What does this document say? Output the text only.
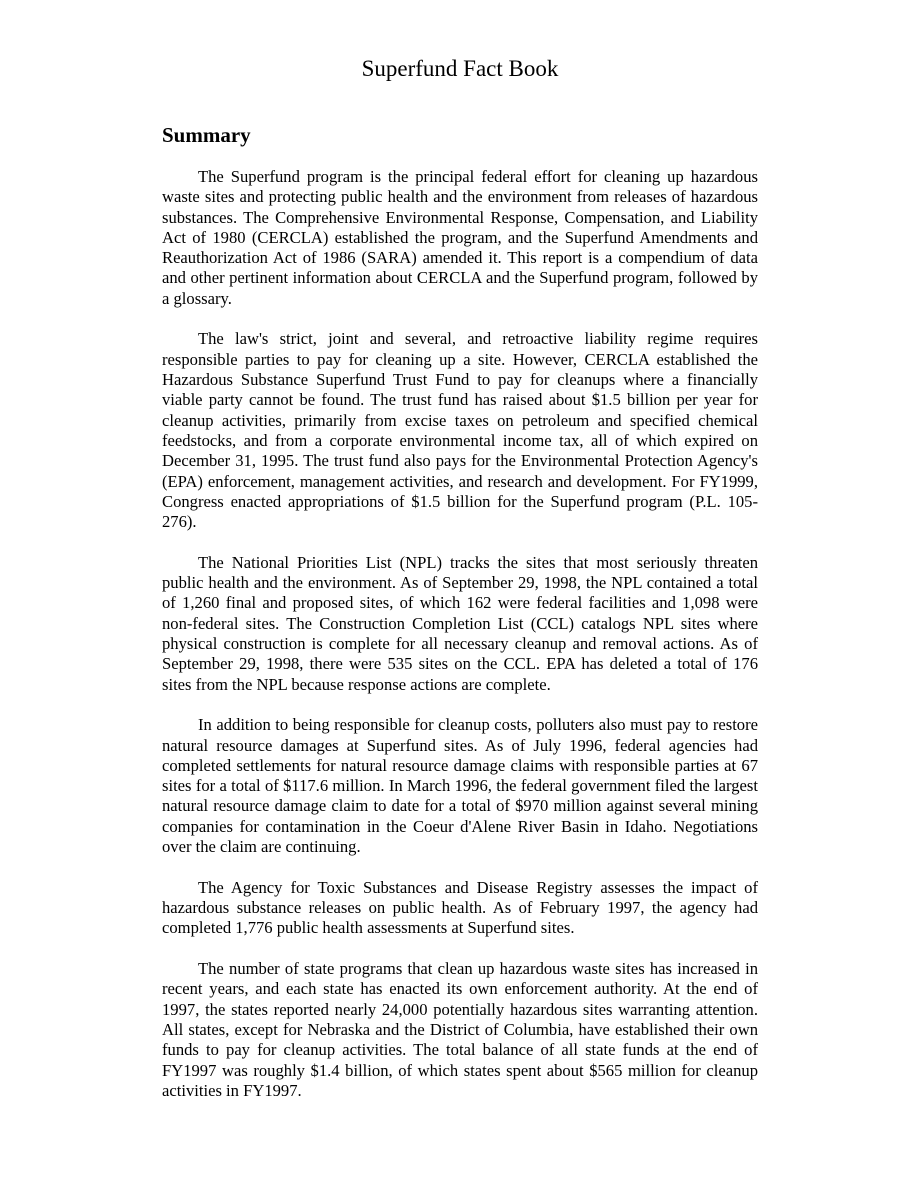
Superfund Fact Book
Summary

The Superfund program is the principal federal effort for cleaning up hazardous waste sites and protecting public health and the environment from releases of hazardous substances. The Comprehensive Environmental Response, Compensation, and Liability Act of 1980 (CERCLA) established the program, and the Superfund Amendments and Reauthorization Act of 1986 (SARA) amended it. This report is a compendium of data and other pertinent information about CERCLA and the Superfund program, followed by a glossary.

The law's strict, joint and several, and retroactive liability regime requires responsible parties to pay for cleaning up a site. However, CERCLA established the Hazardous Substance Superfund Trust Fund to pay for cleanups where a financially viable party cannot be found. The trust fund has raised about $1.5 billion per year for cleanup activities, primarily from excise taxes on petroleum and specified chemical feedstocks, and from a corporate environmental income tax, all of which expired on December 31, 1995. The trust fund also pays for the Environmental Protection Agency's (EPA) enforcement, management activities, and research and development. For FY1999, Congress enacted appropriations of $1.5 billion for the Superfund program (P.L. 105-276).

The National Priorities List (NPL) tracks the sites that most seriously threaten public health and the environment. As of September 29, 1998, the NPL contained a total of 1,260 final and proposed sites, of which 162 were federal facilities and 1,098 were non-federal sites. The Construction Completion List (CCL) catalogs NPL sites where physical construction is complete for all necessary cleanup and removal actions. As of September 29, 1998, there were 535 sites on the CCL. EPA has deleted a total of 176 sites from the NPL because response actions are complete.

In addition to being responsible for cleanup costs, polluters also must pay to restore natural resource damages at Superfund sites. As of July 1996, federal agencies had completed settlements for natural resource damage claims with responsible parties at 67 sites for a total of $117.6 million. In March 1996, the federal government filed the largest natural resource damage claim to date for a total of $970 million against several mining companies for contamination in the Coeur d'Alene River Basin in Idaho. Negotiations over the claim are continuing.

The Agency for Toxic Substances and Disease Registry assesses the impact of hazardous substance releases on public health. As of February 1997, the agency had completed 1,776 public health assessments at Superfund sites.

The number of state programs that clean up hazardous waste sites has increased in recent years, and each state has enacted its own enforcement authority. At the end of 1997, the states reported nearly 24,000 potentially hazardous sites warranting attention. All states, except for Nebraska and the District of Columbia, have established their own funds to pay for cleanup activities. The total balance of all state funds at the end of FY1997 was roughly $1.4 billion, of which states spent about $565 million for cleanup activities in FY1997.
